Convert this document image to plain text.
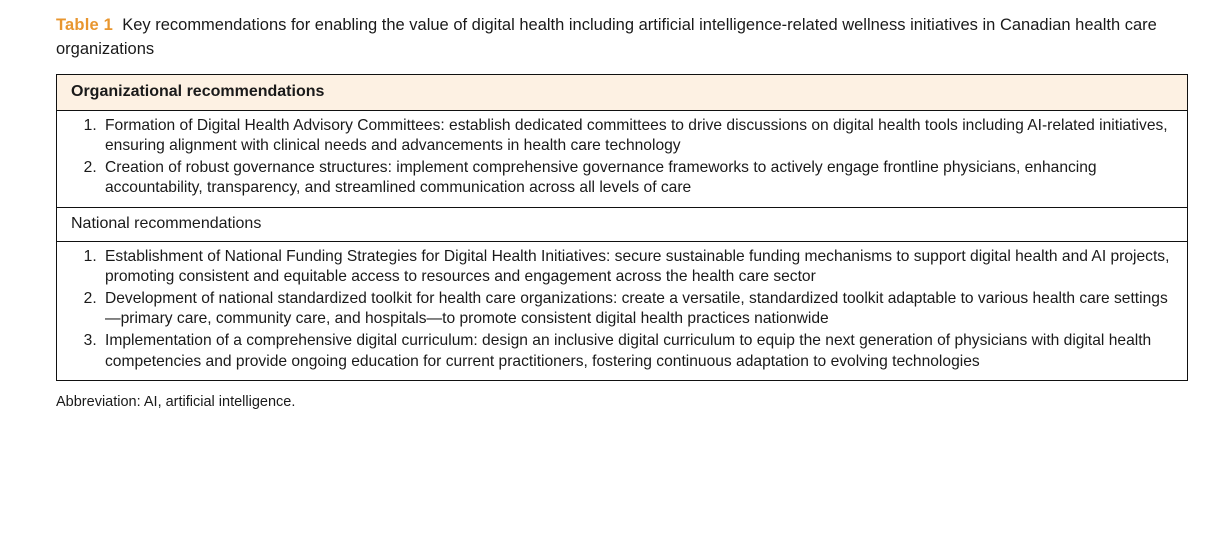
Table 1 Key recommendations for enabling the value of digital health including artificial intelligence-related wellness initiatives in Canadian health care organizations
Organizational recommendations
1. Formation of Digital Health Advisory Committees: establish dedicated committees to drive discussions on digital health tools including AI-related initiatives, ensuring alignment with clinical needs and advancements in health care technology
2. Creation of robust governance structures: implement comprehensive governance frameworks to actively engage frontline physicians, enhancing accountability, transparency, and streamlined communication across all levels of care
National recommendations
1. Establishment of National Funding Strategies for Digital Health Initiatives: secure sustainable funding mechanisms to support digital health and AI projects, promoting consistent and equitable access to resources and engagement across the health care sector
2. Development of national standardized toolkit for health care organizations: create a versatile, standardized toolkit adaptable to various health care settings—primary care, community care, and hospitals—to promote consistent digital health practices nationwide
3. Implementation of a comprehensive digital curriculum: design an inclusive digital curriculum to equip the next generation of physicians with digital health competencies and provide ongoing education for current practitioners, fostering continuous adaptation to evolving technologies
Abbreviation: AI, artificial intelligence.
